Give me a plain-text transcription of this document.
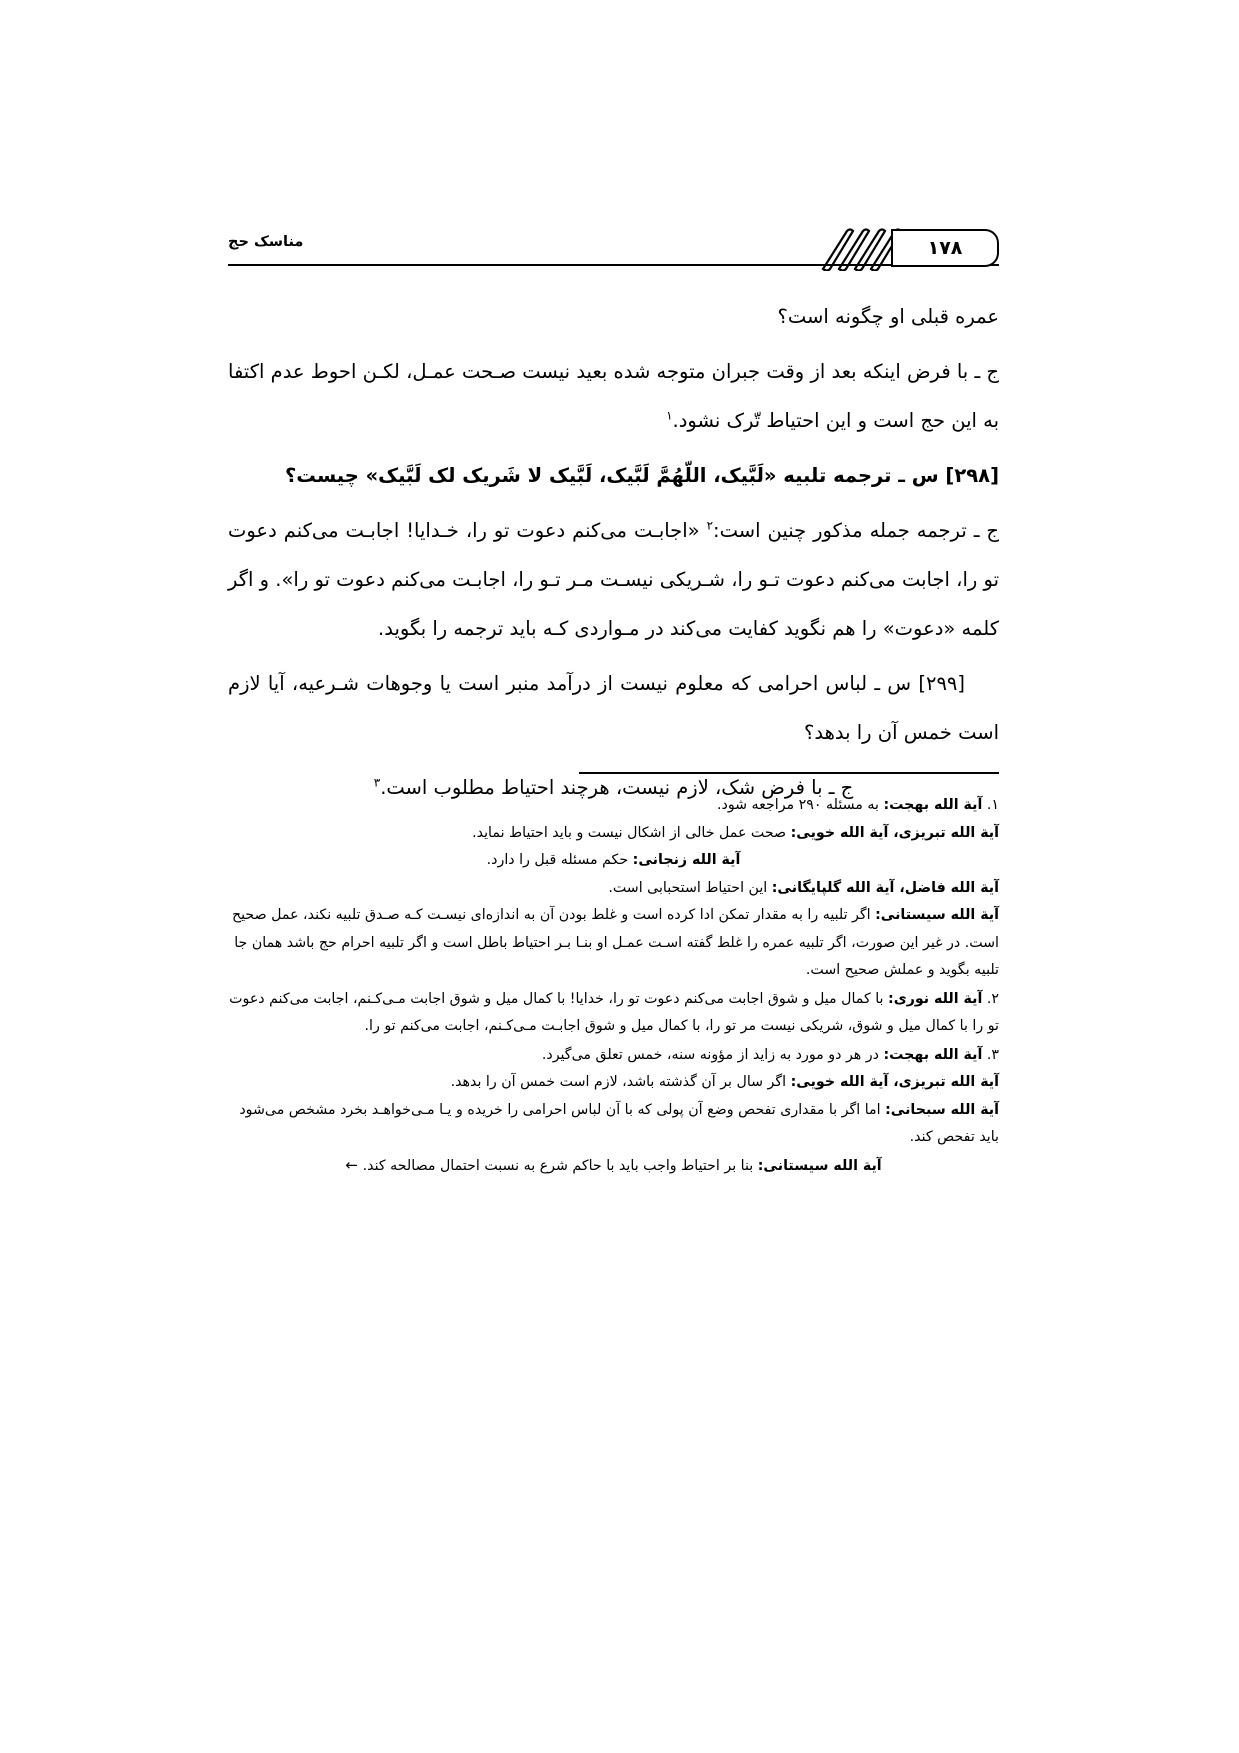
مناسک حج	۱۷۸

عمره قبلی او چگونه است؟

ج ـ با فرض اینکه بعد از وقت جبران متوجه شده بعید نیست صـحت عمـل، لکـن احوط عدم اکتفا به این حج است و این احتیاط تّرک نشود.$^۱$

[۲۹۸] س ـ ترجمه تلبیه «لَبَّیک، اللّهُمَّ لَبَّیک، لَبَّیک لا شَریک لک لَبَّیک» چیست؟

ج ـ ترجمه جمله مذکور چنین است:$^۲$ «اجابـت می‌کنم دعوت تو را، خـدایا! اجابـت می‌کنم دعوت تو را، اجابت می‌کنم دعوت تـو را، شـریکی نیسـت مـر تـو را، اجابـت می‌کنم دعوت تو را». و اگر کلمه «دعوت» را هم نگوید کفایت می‌کند در مـواردی کـه باید ترجمه را بگوید.

[۲۹۹] س ـ لباس احرامی که معلوم نیست از درآمد منبر است یا وجوهات شـرعیه، آیا لازم است خمس آن را بدهد؟

ج ـ با فرض شک، لازم نیست، هرچند احتیاط مطلوب است.$^۳$

۱. آیة الله بهجت: به مسئله ۲۹۰ مراجعه شود.
آیة الله تبریزی، آیة الله خویی: صحت عمل خالی از اشکال نیست و باید احتیاط نماید.
آیة الله زنجانی: حکم مسئله قبل را دارد.
آیة الله فاضل، آیة الله گلپایگانی: این احتیاط استحبابی است.
آیة الله سیستانی: اگر تلبیه را به مقدار تمکن ادا کرده است و غلط بودن آن به اندازه‌ای نیسـت کـه صـدق تلبیه نکند، عمل صحیح است. در غیر این صورت، اگر تلبیه عمره را غلط گفته اسـت عمـل او بنـا بـر احتیاط باطل است و اگر تلبیه احرام حج باشد همان جا تلبیه بگوید و عملش صحیح است.
۲. آیة الله نوری: با کمال میل و شوق اجابت می‌کنم دعوت تو را، خدایا! با کمال میل و شوق اجابت مـی‌کـنم، اجابت می‌کنم دعوت تو را با کمال میل و شوق، شریکی نیست مر تو را، با کمال میل و شوق اجابـت مـی‌کـنم، اجابت می‌کنم تو را.
۳. آیة الله بهجت: در هر دو مورد به زاید از مؤونه سنه، خمس تعلق می‌گیرد.
آیة الله تبریزی، آیة الله خویی: اگر سال بر آن گذشته باشد، لازم است خمس آن را بدهد.
آیة الله سبحانی: اما اگر با مقداری تفحص وضع آن پولی که با آن لباس احرامی را خریده و یـا مـی‌خواهـد بخرد مشخص می‌شود باید تفحص کند.
آیة الله سیستانی: بنا بر احتیاط واجب باید با حاکم شرع به نسبت احتمال مصالحه کند. ←
